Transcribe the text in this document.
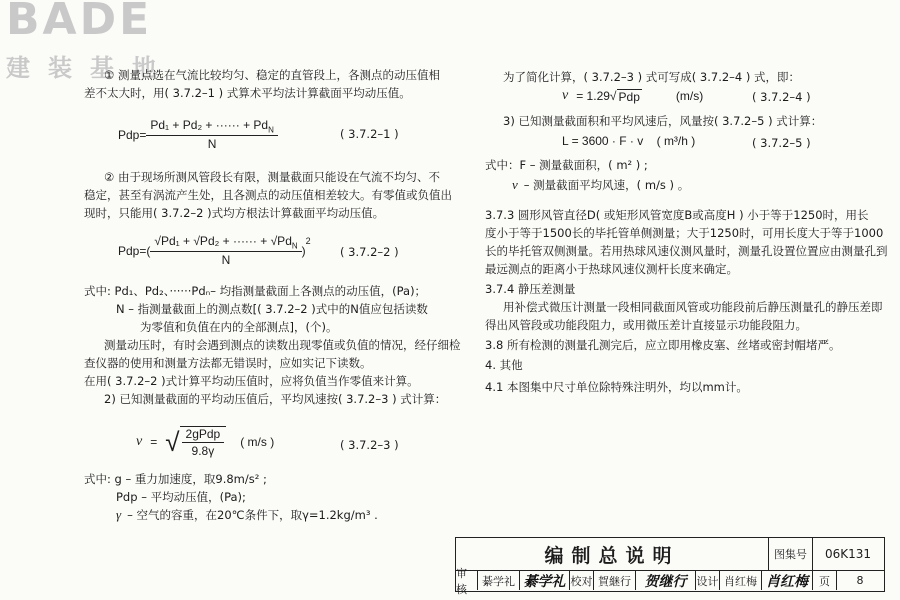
BADE
建装基地
① 测量点选在气流比较均匀、稳定的直管段上，各测点的动压值相
差不太大时，用( 3.7.2–1 ) 式算术平均法计算截面平均动压值。
$Pdp= \frac{Pd_1 + Pd_2 + \cdot\cdot\cdot\cdot\cdot\cdot + Pd_N}{N}$	( 3.7.2–1 )
② 由于现场所测风管段长有限，测量截面只能设在气流不均匀、不
稳定，甚至有涡流产生处，且各测点的动压值相差较大。有零值或负值出
现时，只能用( 3.7.2–2 )式均方根法计算截面平均动压值。
$Pdp=( \frac{√Pd_1 + √Pd_2 + \cdot\cdot\cdot\cdot\cdot\cdot + √Pd_N}{N}$ )
$^2$
( 3.7.2–2 )
式中: Pd₁、Pd₂、······Pdₙ– 均指测量截面上各测点的动压值，(Pa)；
N – 指测量截面上的测点数[( 3.7.2–2 )式中的N值应包括读数
为零值和负值在内的全部测点]，(个)。
测量动压时，有时会遇到测点的读数出现零值或负值的情况，经仔细检
查仪器的使用和测量方法都无错误时，应如实记下读数。
在用( 3.7.2–2 )式计算平均动压值时，应将负值当作零值来计算。
2) 已知测量截面的平均动压值后，平均风速按( 3.7.2–3 ) 式计算：
v = √ $\frac{\text{2gPdp}}{9.8\gamma}$ ( m/s )	( 3.7.2–3 )
式中: g – 重力加速度，取9.8m/s² ;
Pdp – 平均动压值，(Pa);
γ – 空气的容重，在20℃条件下，取γ=1.2kg/m³ .
为了简化计算，( 3.7.2–3 ) 式可写成( 3.7.2–4 ) 式，即：
v = 1.29 √ Pdp	(m/s)	( 3.7.2–4 )
3) 已知测量截面积和平均风速后，风量按( 3.7.2–5 ) 式计算：
L = 3600 · F · v ( m³/h )	( 3.7.2–5 )
式中：F – 测量截面积，( m² ) ;
v – 测量截面平均风速，( m/s ) 。
3.7.3 圆形风管直径D( 或矩形风管宽度B或高度H ) 小于等于1250时，用长
度小于等于1500长的毕托管单侧测量；大于1250时，可用长度大于等于1000
长的毕托管双侧测量。若用热球风速仪测风量时，测量孔设置位置应由测量孔到
最远测点的距离小于热球风速仪测杆长度来确定。
3.7.4 静压差测量
用补偿式微压计测量一段相同截面风管或功能段前后静压测量孔的静压差即
得出风管段或功能段阻力，或用微压差计直接显示功能段阻力。
3.8 所有检测的测量孔测完后，应立即用橡皮塞、丝堵或密封帽堵严。
4. 其他
4.1 本图集中尺寸单位除特殊注明外，均以mm计。
编制总说明	图集号	06K131
审核
綦学礼 綦学礼 校对 賀継行 贺继行 设计 肖红梅 肖红梅	页	8
